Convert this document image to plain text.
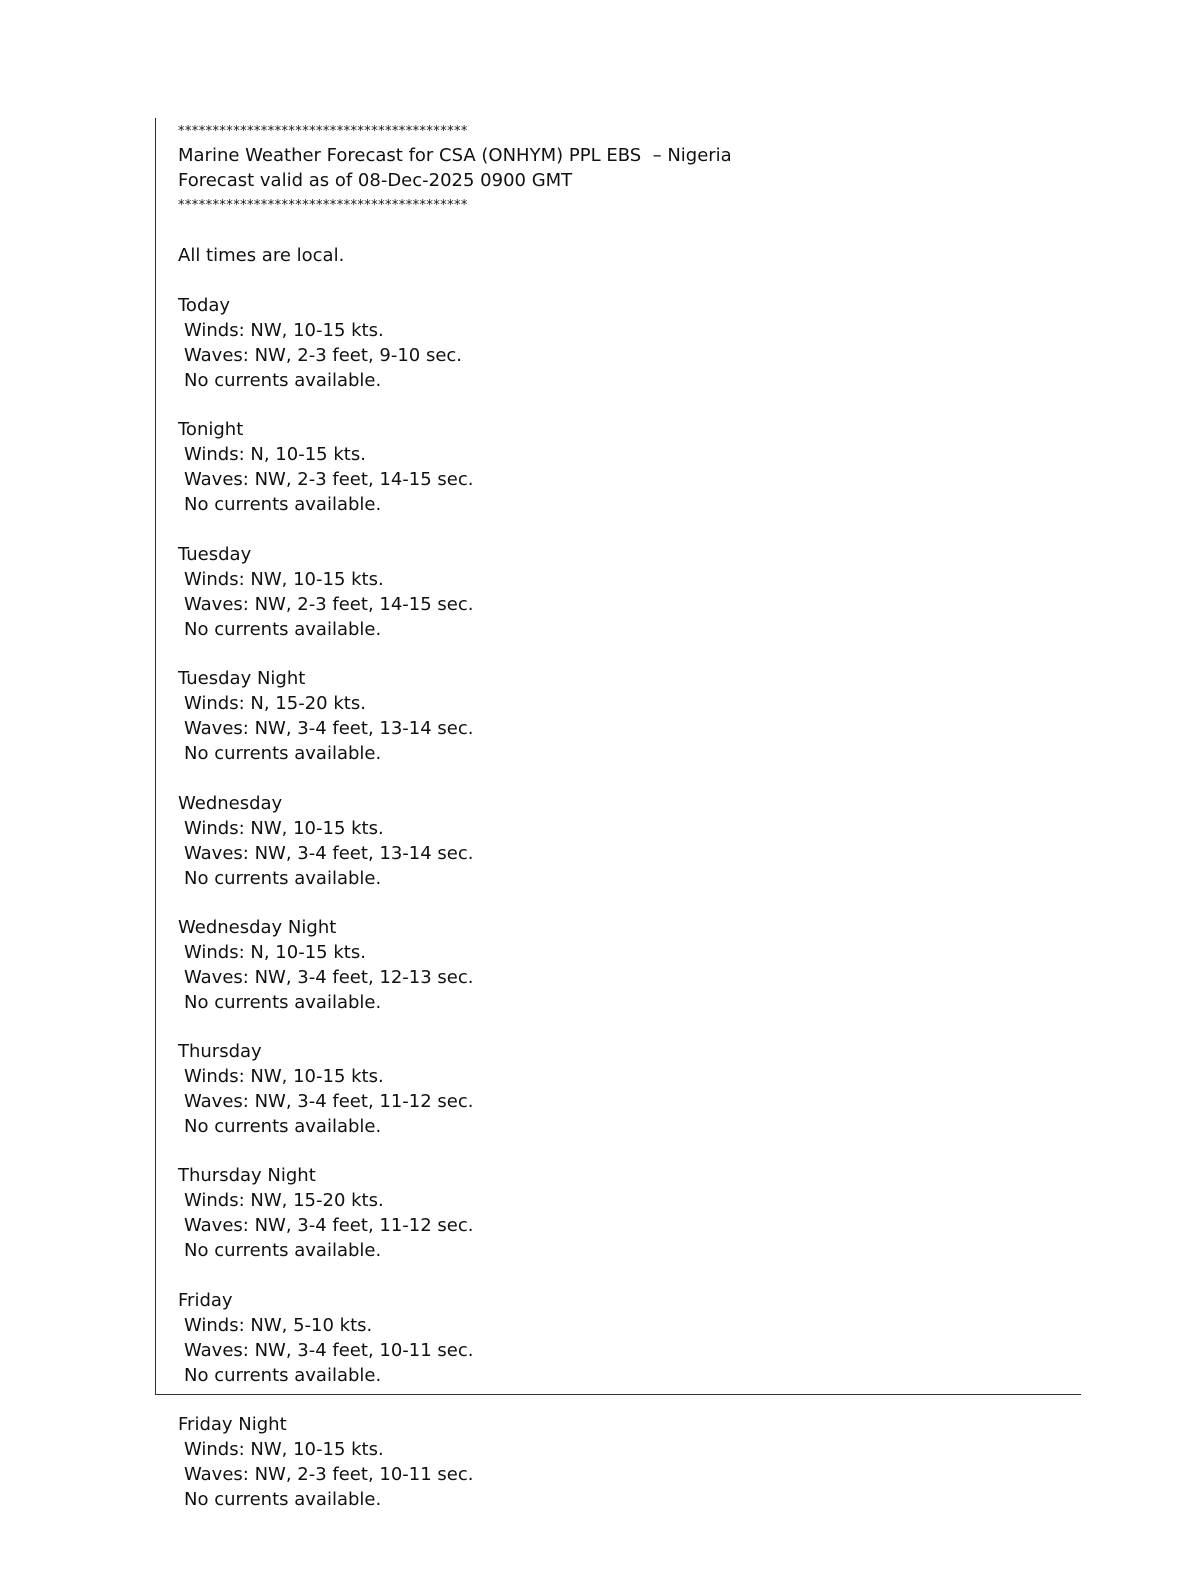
******************************************
Marine Weather Forecast for CSA (ONHYM) PPL EBS  – Nigeria
Forecast valid as of 08-Dec-2025 0900 GMT
******************************************
All times are local.
Today
Winds: NW, 10-15 kts.
Waves: NW, 2-3 feet, 9-10 sec.
No currents available.
Tonight
Winds: N, 10-15 kts.
Waves: NW, 2-3 feet, 14-15 sec.
No currents available.
Tuesday
Winds: NW, 10-15 kts.
Waves: NW, 2-3 feet, 14-15 sec.
No currents available.
Tuesday Night
Winds: N, 15-20 kts.
Waves: NW, 3-4 feet, 13-14 sec.
No currents available.
Wednesday
Winds: NW, 10-15 kts.
Waves: NW, 3-4 feet, 13-14 sec.
No currents available.
Wednesday Night
Winds: N, 10-15 kts.
Waves: NW, 3-4 feet, 12-13 sec.
No currents available.
Thursday
Winds: NW, 10-15 kts.
Waves: NW, 3-4 feet, 11-12 sec.
No currents available.
Thursday Night
Winds: NW, 15-20 kts.
Waves: NW, 3-4 feet, 11-12 sec.
No currents available.
Friday
Winds: NW, 5-10 kts.
Waves: NW, 3-4 feet, 10-11 sec.
No currents available.
Friday Night
Winds: NW, 10-15 kts.
Waves: NW, 2-3 feet, 10-11 sec.
No currents available.
